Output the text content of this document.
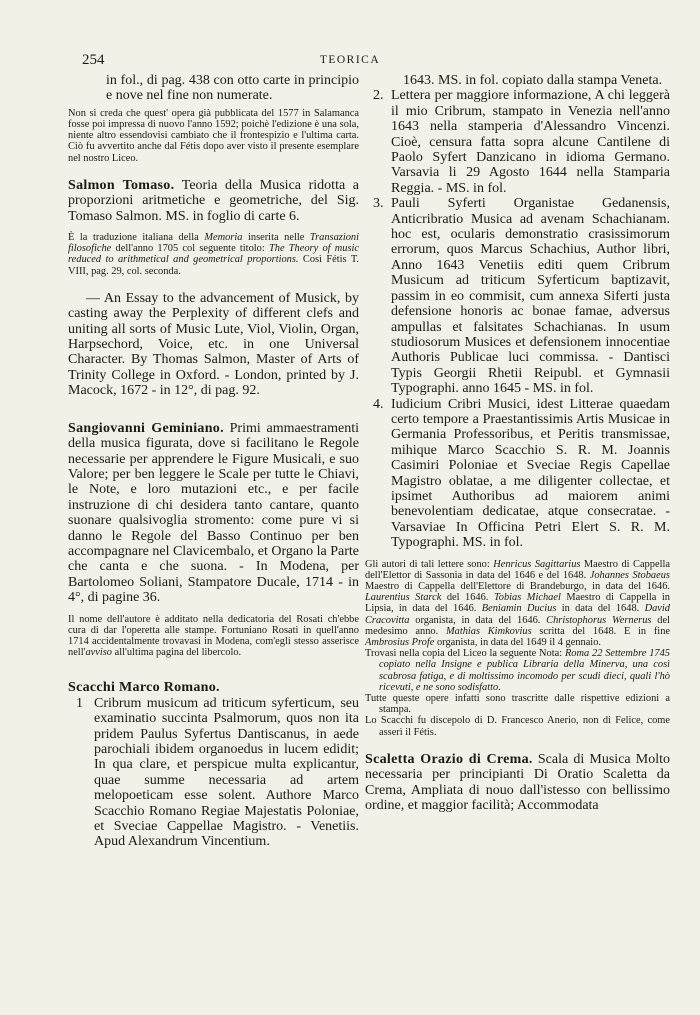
254	TEORICA

in fol., di pag. 438 con otto carte in principio e nove nel fine non numerate.

Non si creda che quest' opera già pubblicata del 1577 in Salamanca fosse poi impressa di nuovo l'anno 1592; poichè l'edizione è una sola, niente altro essendovisi cambiato che il frontespizio e l'ultima carta. Ciò fu avvertito anche dal Fétis dopo aver visto il presente esemplare nel nostro Liceo.

Salmon Tomaso. Teoria della Musica ridotta a proporzioni aritmetiche e geometriche, del Sig. Tomaso Salmon. MS. in foglio di carte 6.

È la traduzione italiana della Memoria inserita nelle Transazioni filosofiche dell'anno 1705 col seguente titolo: The Theory of music reduced to arithmetical and geometrical proportions. Così Fétis T. VIII, pag. 29, col. seconda.

— An Essay to the advancement of Musick, by casting away the Perplexity of different clefs and uniting all sorts of Music Lute, Viol, Violin, Organ, Harpsechord, Voice, etc. in one Universal Character. By Thomas Salmon, Master of Arts of Trinity College in Oxford. - London, printed by J. Macock, 1672 - in 12°, di pag. 92.

Sangiovanni Geminiano. Primi ammaestramenti della musica figurata, dove si facilitano le Regole necessarie per apprendere le Figure Musicali, e suo Valore; per ben leggere le Scale per tutte le Chiavi, le Note, e loro mutazioni etc., e per facile instruzione di chi desidera tanto cantare, quanto suonare qualsivoglia stromento: come pure vi si danno le Regole del Basso Continuo per ben accompagnare nel Clavicembalo, et Organo la Parte che canta e che suona. - In Modena, per Bartolomeo Soliani, Stampatore Ducale, 1714 - in 4°, di pagine 36.

Il nome dell'autore è additato nella dedicatoria del Rosati ch'ebbe cura di dar l'operetta alle stampe. Fortuniano Rosati in quell'anno 1714 accidentalmente trovavasi in Modena, com'egli stesso asserisce nell'avviso all'ultima pagina del libercolo.

Scacchi Marco Romano.

1 Cribrum musicum ad triticum syferticum, seu examinatio succinta Psalmorum, quos non ita pridem Paulus Syfertus Dantiscanus, in aede parochiali ibidem organoedus in lucem edidit; In qua clare, et perspicue multa explicantur, quae summe necessaria ad artem melopoeticam esse solent. Authore Marco Scacchio Romano Regiae Majestatis Poloniae, et Sveciae Cappellae Magistro. - Venetiis. Apud Alexandrum Vincentium.

1643. MS. in fol. copiato dalla stampa Veneta.

2. Lettera per maggiore informazione, A chi leggerà il mio Cribrum, stampato in Venezia nell'anno 1643 nella stamperia d'Alessandro Vincenzi. Cioè, censura fatta sopra alcune Cantilene di Paolo Syfert Danzicano in idioma Germano. Varsavia li 29 Agosto 1644 nella Stamparia Reggia. - MS. in fol.

3. Pauli Syferti Organistae Gedanensis, Anticribratio Musica ad avenam Schachianam. hoc est, ocularis demonstratio crasissimorum errorum, quos Marcus Schachius, Author libri, Anno 1643 Venetiis editi quem Cribrum Musicum ad triticum Syferticum baptizavit, passim in eo commisit, cum annexa Siferti justa defensione honoris ac bonae famae, adversus ampullas et falsitates Schachianas. In usum studiosorum Musices et defensionem innocentiae Authoris Publicae luci commissa. - Dantisci Typis Georgii Rhetii Reipubl. et Gymnasii Typographi. anno 1645 - MS. in fol.

4. Iudicium Cribri Musici, idest Litterae quaedam certo tempore a Praestantissimis Artis Musicae in Germania Professoribus, et Peritis transmissae, mihique Marco Scacchio S. R. M. Joannis Casimiri Poloniae et Sveciae Regis Capellae Magistro oblatae, a me diligenter collectae, et ipsimet Authoribus ad maiorem animi benevolentiam dedicatae, atque consecratae. - Varsaviae In Officina Petri Elert S. R. M. Typographi. MS. in fol.

Gli autori di tali lettere sono: Henricus Sagittarius Maestro di Cappella dell'Elettor di Sassonia in data del 1646 e del 1648. Johannes Stobaeus Maestro di Cappella dell'Elettore di Brandeburgo, in data del 1646. Laurentius Starck del 1646. Tobias Michael Maestro di Cappella in Lipsia, in data del 1646. Beniamin Ducius in data del 1648. David Cracovitta organista, in data del 1646. Christophorus Wernerus del medesimo anno. Mathias Kimkovius scritta del 1648. E in fine Ambrosius Profe organista, in data del 1649 il 4 gennaio.

Trovasi nella copia del Liceo la seguente Nota: Roma 22 Settembre 1745 copiato nella Insigne e publica Libraria della Minerva, una così scabrosa fatiga, e di moltissimo incomodo per scudi dieci, quali l'hò ricevuti, e ne sono sodisfatto.

Tutte queste opere infatti sono trascritte dalle rispettive edizioni a stampa.

Lo Scacchi fu discepolo di D. Francesco Anerio, non di Felice, come asserì il Fétis.

Scaletta Orazio di Crema. Scala di Musica Molto necessaria per principianti Di Oratio Scaletta da Crema, Ampliata di nouo dall'istesso con bellissimo ordine, et maggior facilità; Accommodata
